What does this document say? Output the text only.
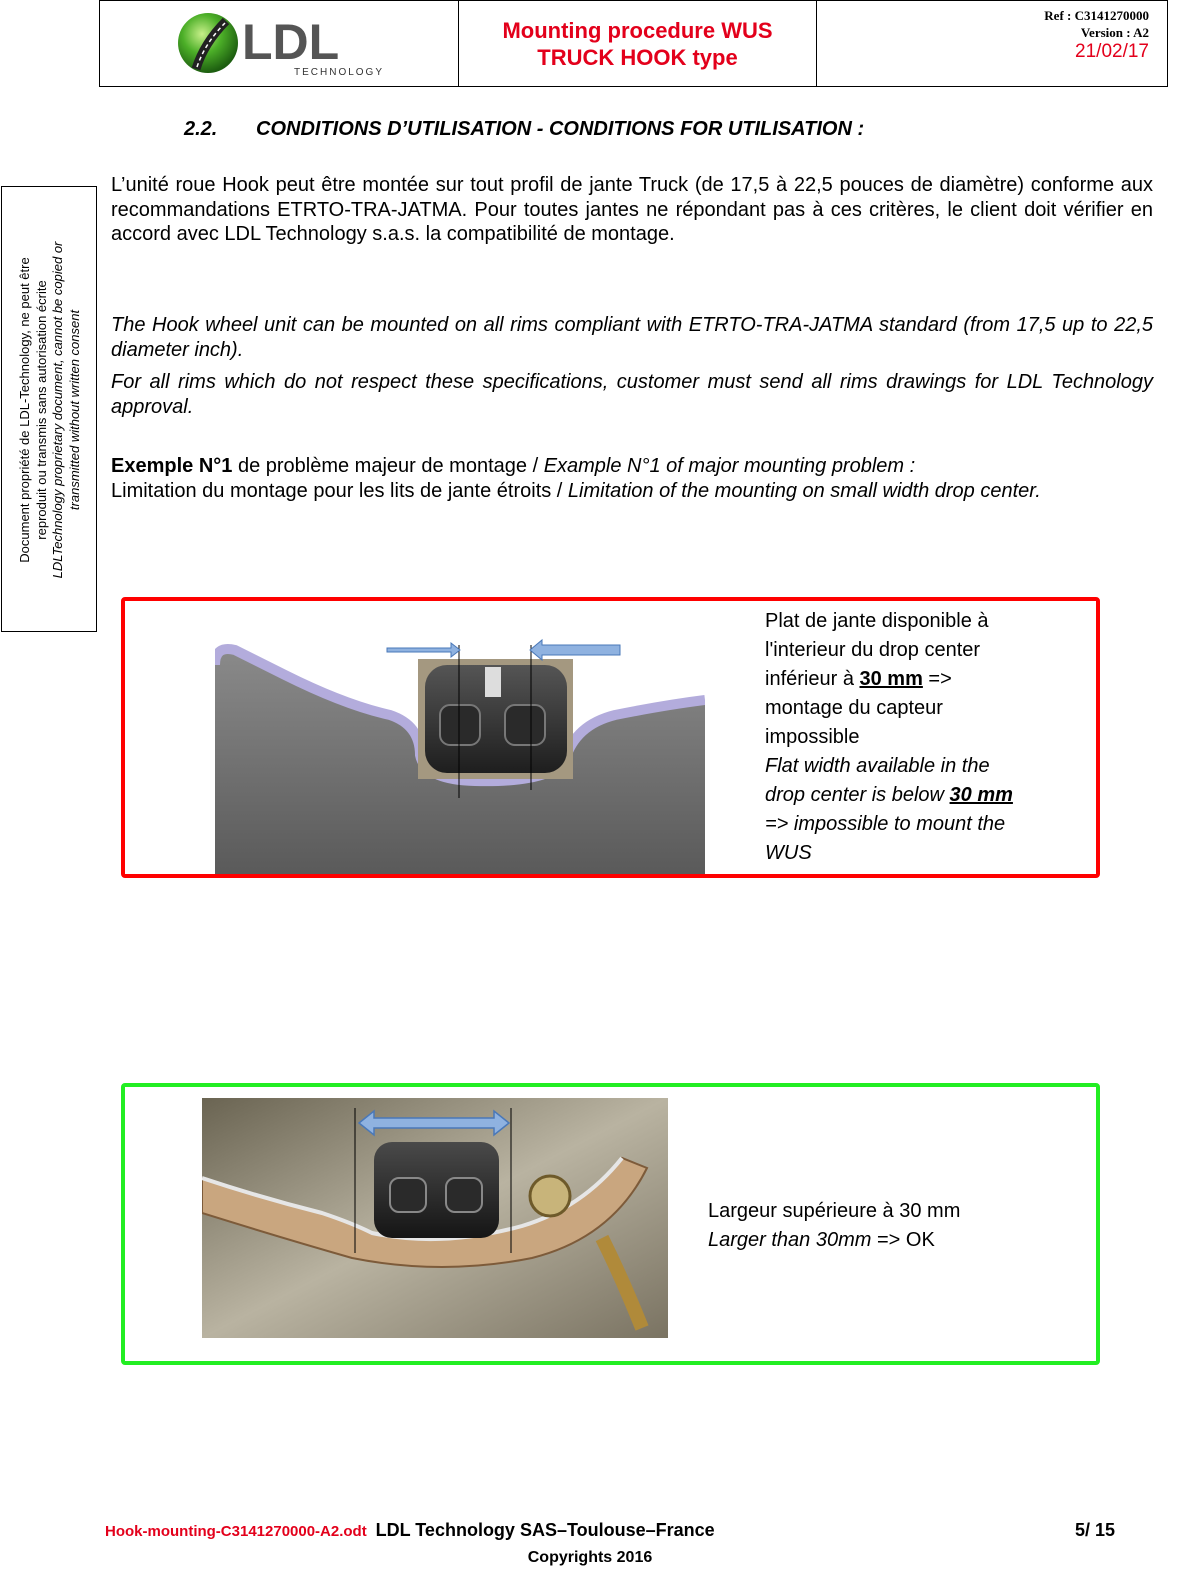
LDL
TECHNOLOGY
Mounting procedure WUS
TRUCK HOOK type
Ref : C3141270000
Version : A2
21/02/17
Document propriété de LDL-Technology, ne peut être reproduit ou transmis sans autorisation écrite LDLTechnology proprietary document, cannot be copied or transmitted without written consent
2.2. CONDITIONS D’UTILISATION - CONDITIONS FOR UTILISATION :
L’unité roue Hook peut être montée sur tout profil de jante Truck (de 17,5 à 22,5 pouces de diamètre) conforme aux recommandations ETRTO-TRA-JATMA. Pour toutes jantes ne répondant pas à ces critères, le client doit vérifier en accord avec LDL Technology s.a.s. la compatibilité de montage.
The Hook wheel unit can be mounted on all rims compliant with ETRTO-TRA-JATMA standard (from 17,5 up to 22,5 diameter inch).
For all rims which do not respect these specifications, customer must send all rims drawings for LDL Technology approval.
Exemple N°1 de problème majeur de montage / Example N°1 of major mounting problem :
Limitation du montage pour les lits de jante étroits / Limitation of the mounting on small width drop center.
Plat de jante disponible à
l'interieur du drop center
inférieur à 30 mm =>
montage du capteur
impossible
Flat width available in the
drop center is below 30 mm
=> impossible to mount the
WUS
Largeur supérieure à 30 mm
Larger than 30mm => OK
Hook-mounting-C3141270000-A2.odt LDL Technology SAS–Toulouse–France	5/ 15
Copyrights 2016
